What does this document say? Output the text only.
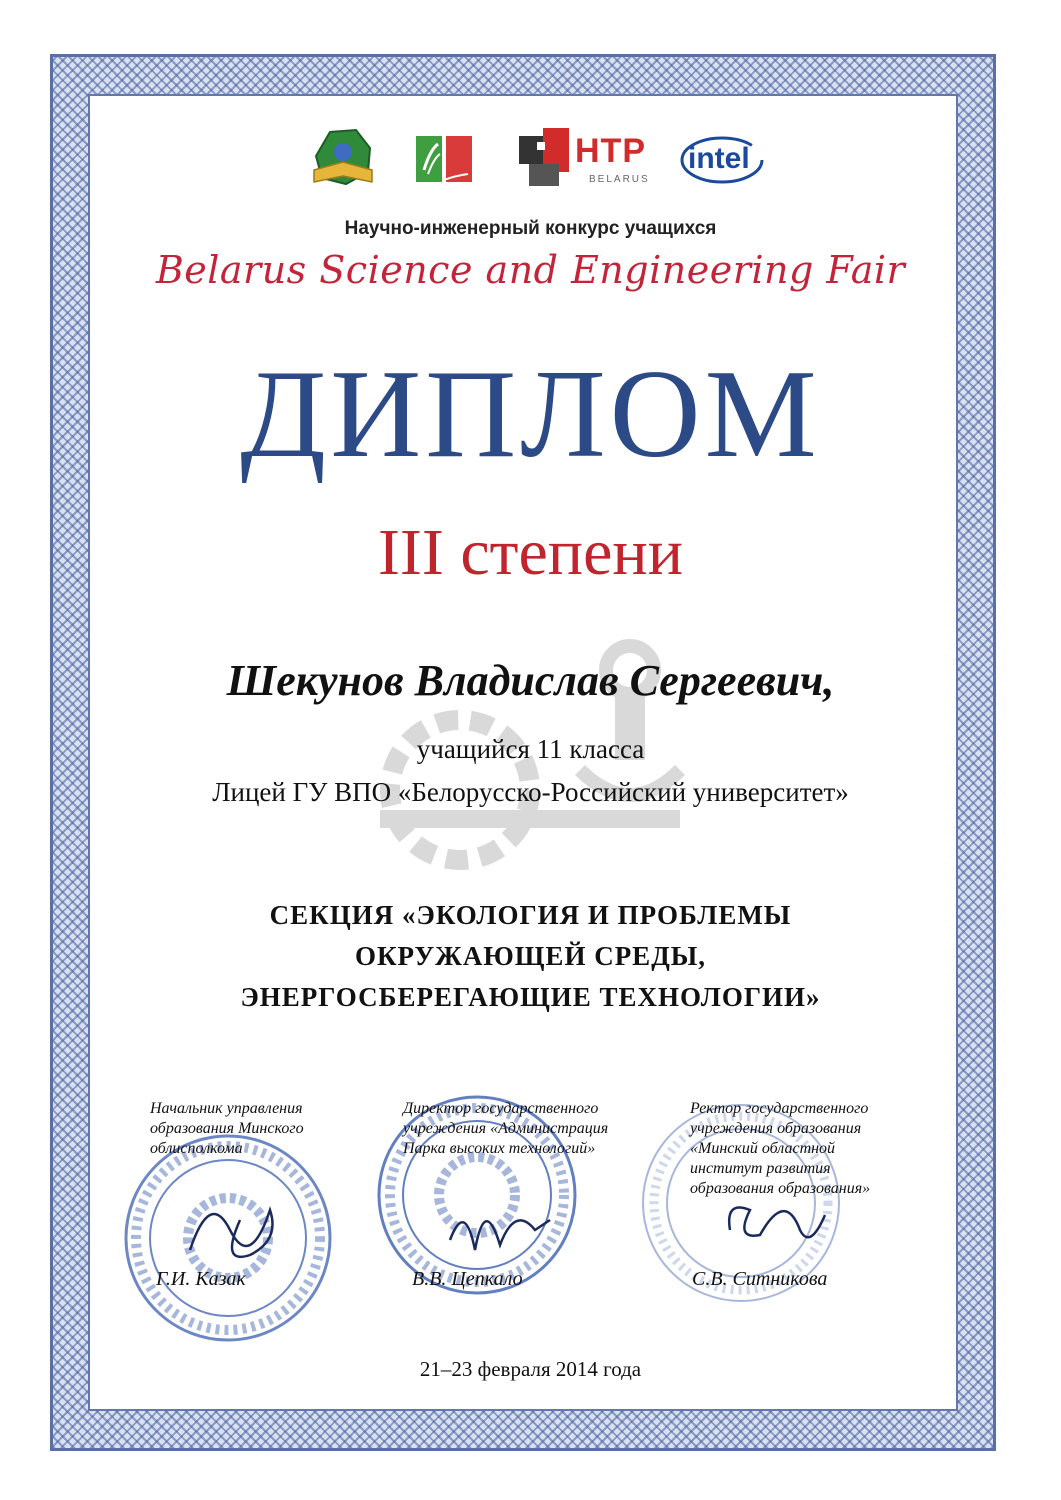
НТР
BELARUS
intel
Научно-инженерный конкурс учащихся
Belarus Science and Engineering Fair
ДИПЛОМ
III степени
Шекунов Владислав Сергеевич,
учащийся 11 класса
Лицей ГУ ВПО «Белорусско-Российский университет»
СЕКЦИЯ «ЭКОЛОГИЯ И ПРОБЛЕМЫ
ОКРУЖАЮЩЕЙ СРЕДЫ,
ЭНЕРГОСБЕРЕГАЮЩИЕ ТЕХНОЛОГИИ»
Начальник управления
образования Минского
облисполкома
Директор государственного
учреждения «Администрация
Парка высоких технологий»
Ректор государственного
учреждения образования
«Минский областной
институт развития
образования образования»
Г.И. Казак	В.В. Цепкало	С.В. Ситникова
21–23 февраля 2014 года
